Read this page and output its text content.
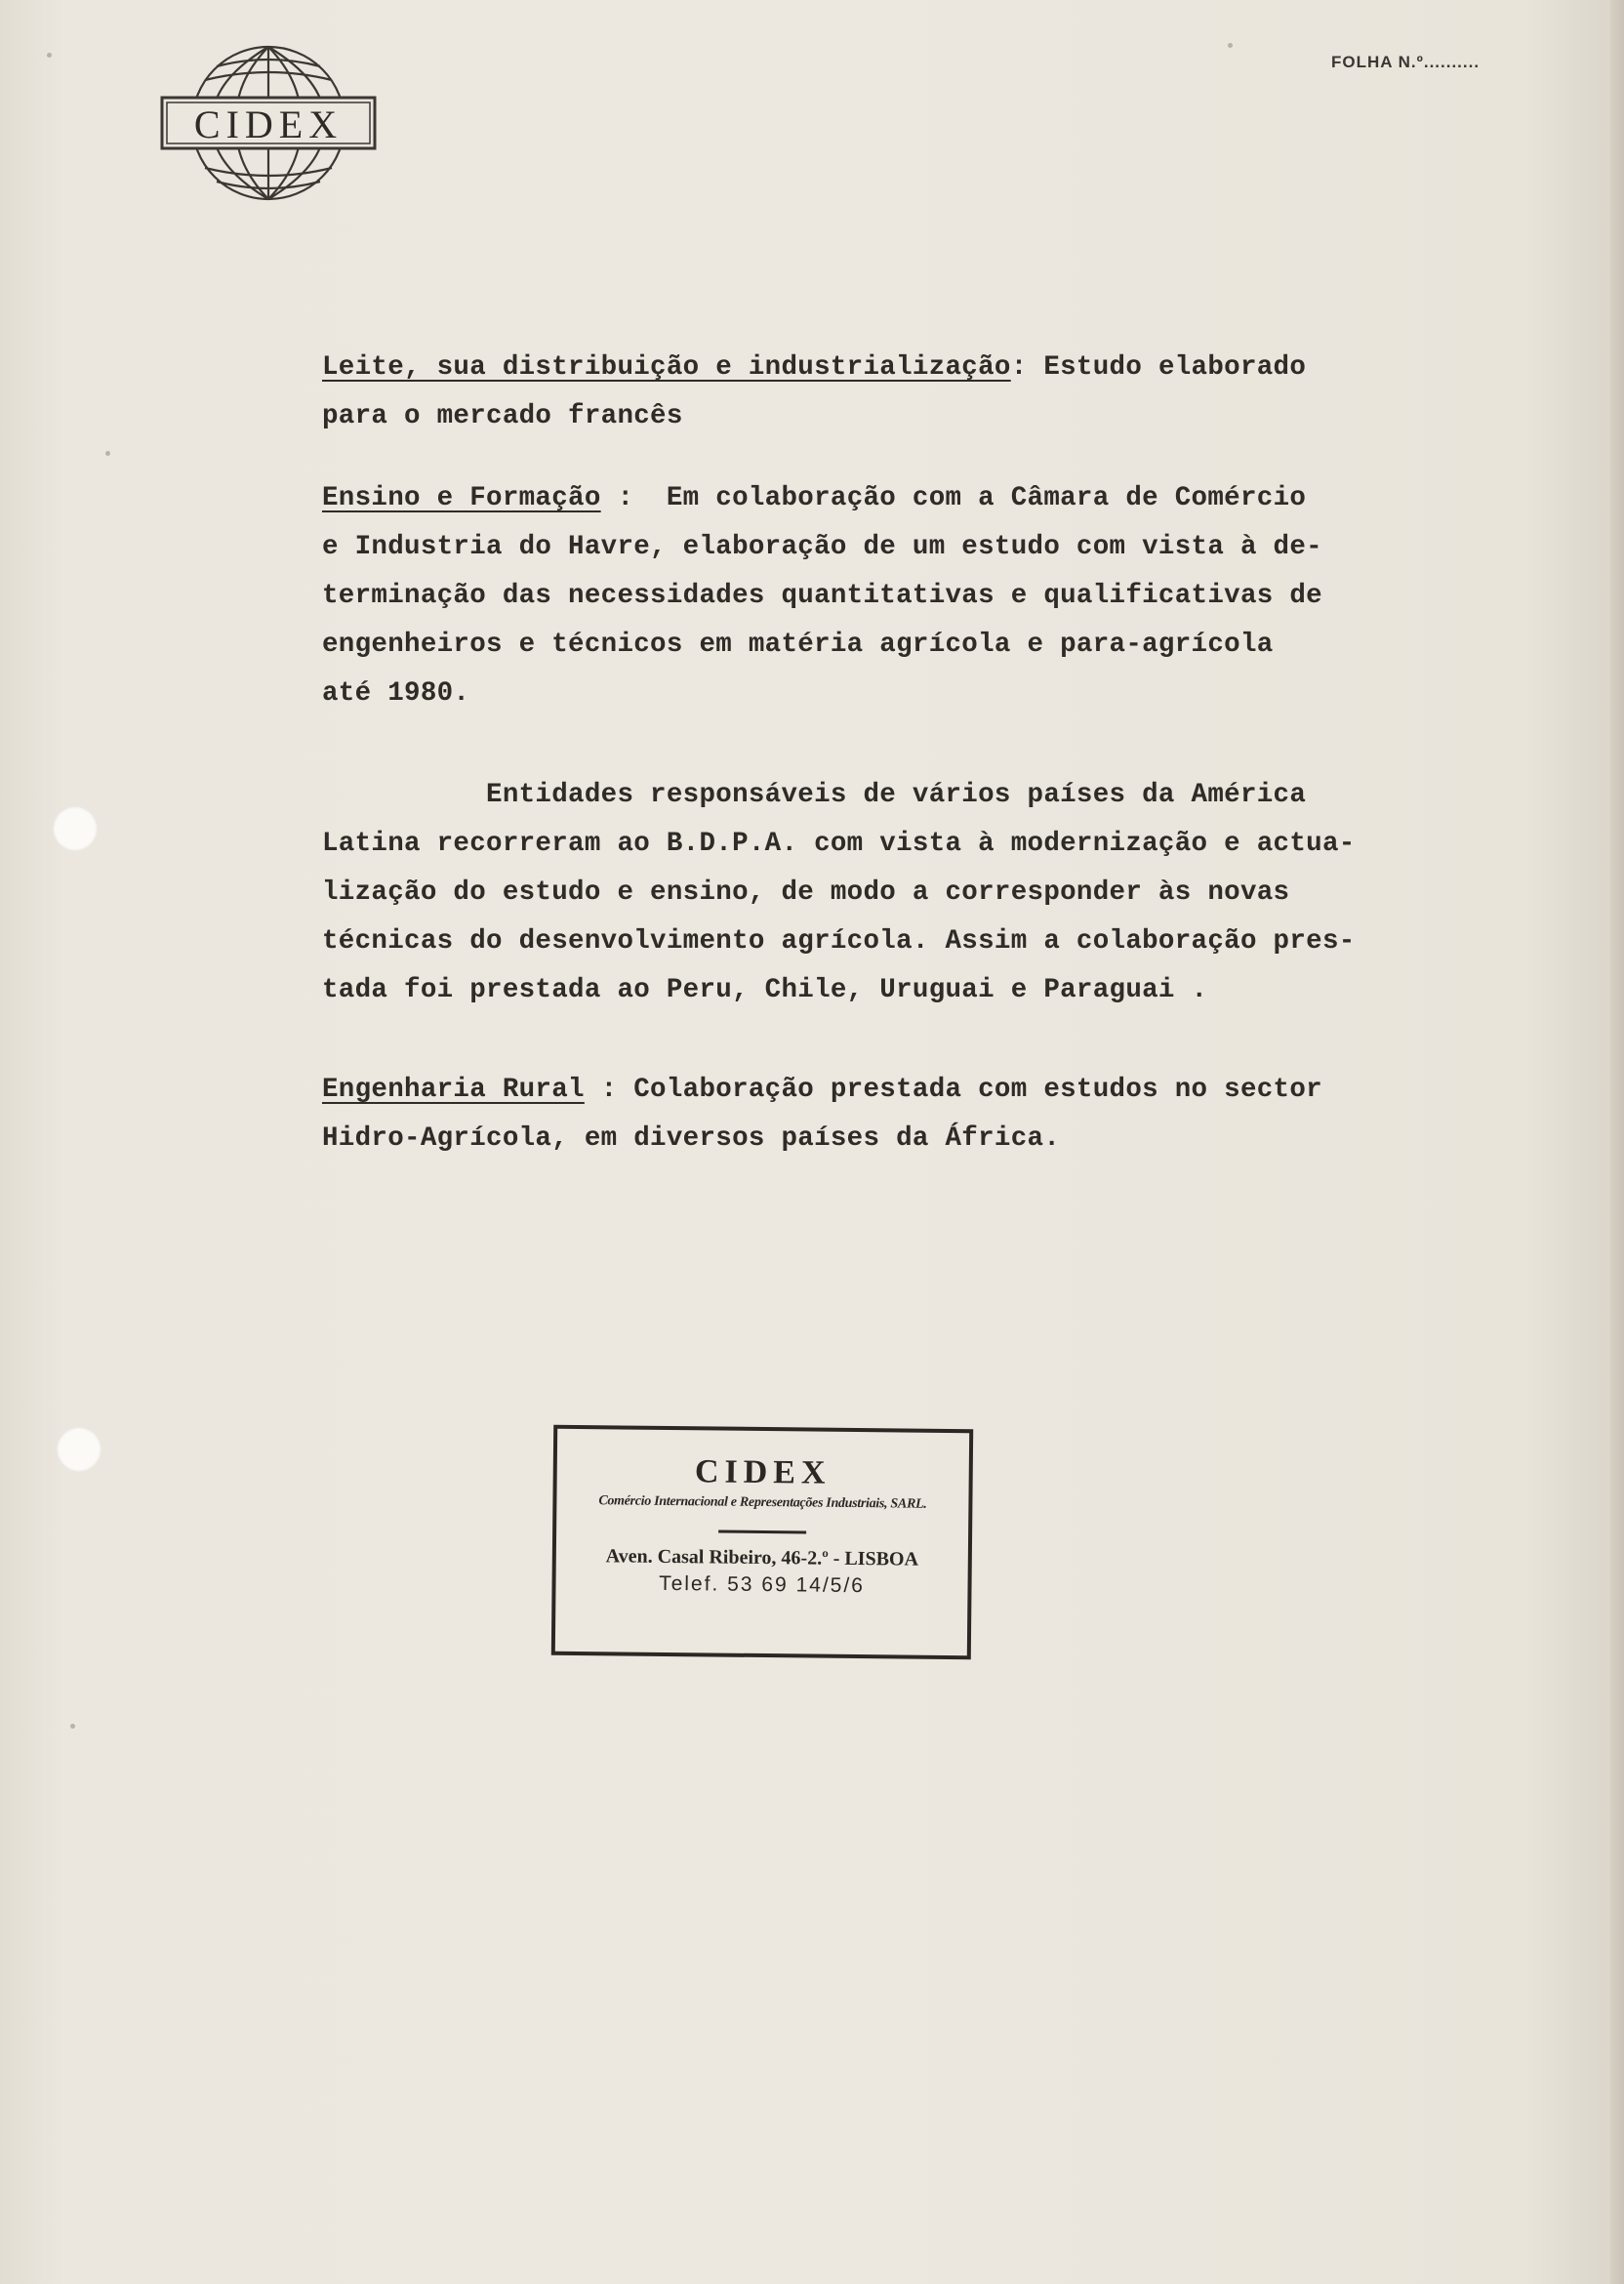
CIDEX
FOLHA N.º..........
Leite, sua distribuição e industrialização: Estudo elaborado
para o mercado francês
Ensino e Formação :  Em colaboração com a Câmara de Comércio
e Industria do Havre, elaboração de um estudo com vista à de-
terminação das necessidades quantitativas e qualificativas de
engenheiros e técnicos em matéria agrícola e para-agrícola
até 1980.
Entidades responsáveis de vários países da América
Latina recorreram ao B.D.P.A. com vista à modernização e actua-
lização do estudo e ensino, de modo a corresponder às novas
técnicas do desenvolvimento agrícola. Assim a colaboração pres-
tada foi prestada ao Peru, Chile, Uruguai e Paraguai .
Engenharia Rural : Colaboração prestada com estudos no sector
Hidro-Agrícola, em diversos países da África.
CIDEX
Comércio Internacional e Representações Industriais, SARL.
Aven. Casal Ribeiro, 46-2.º - LISBOA
Telef. 53 69 14/5/6
